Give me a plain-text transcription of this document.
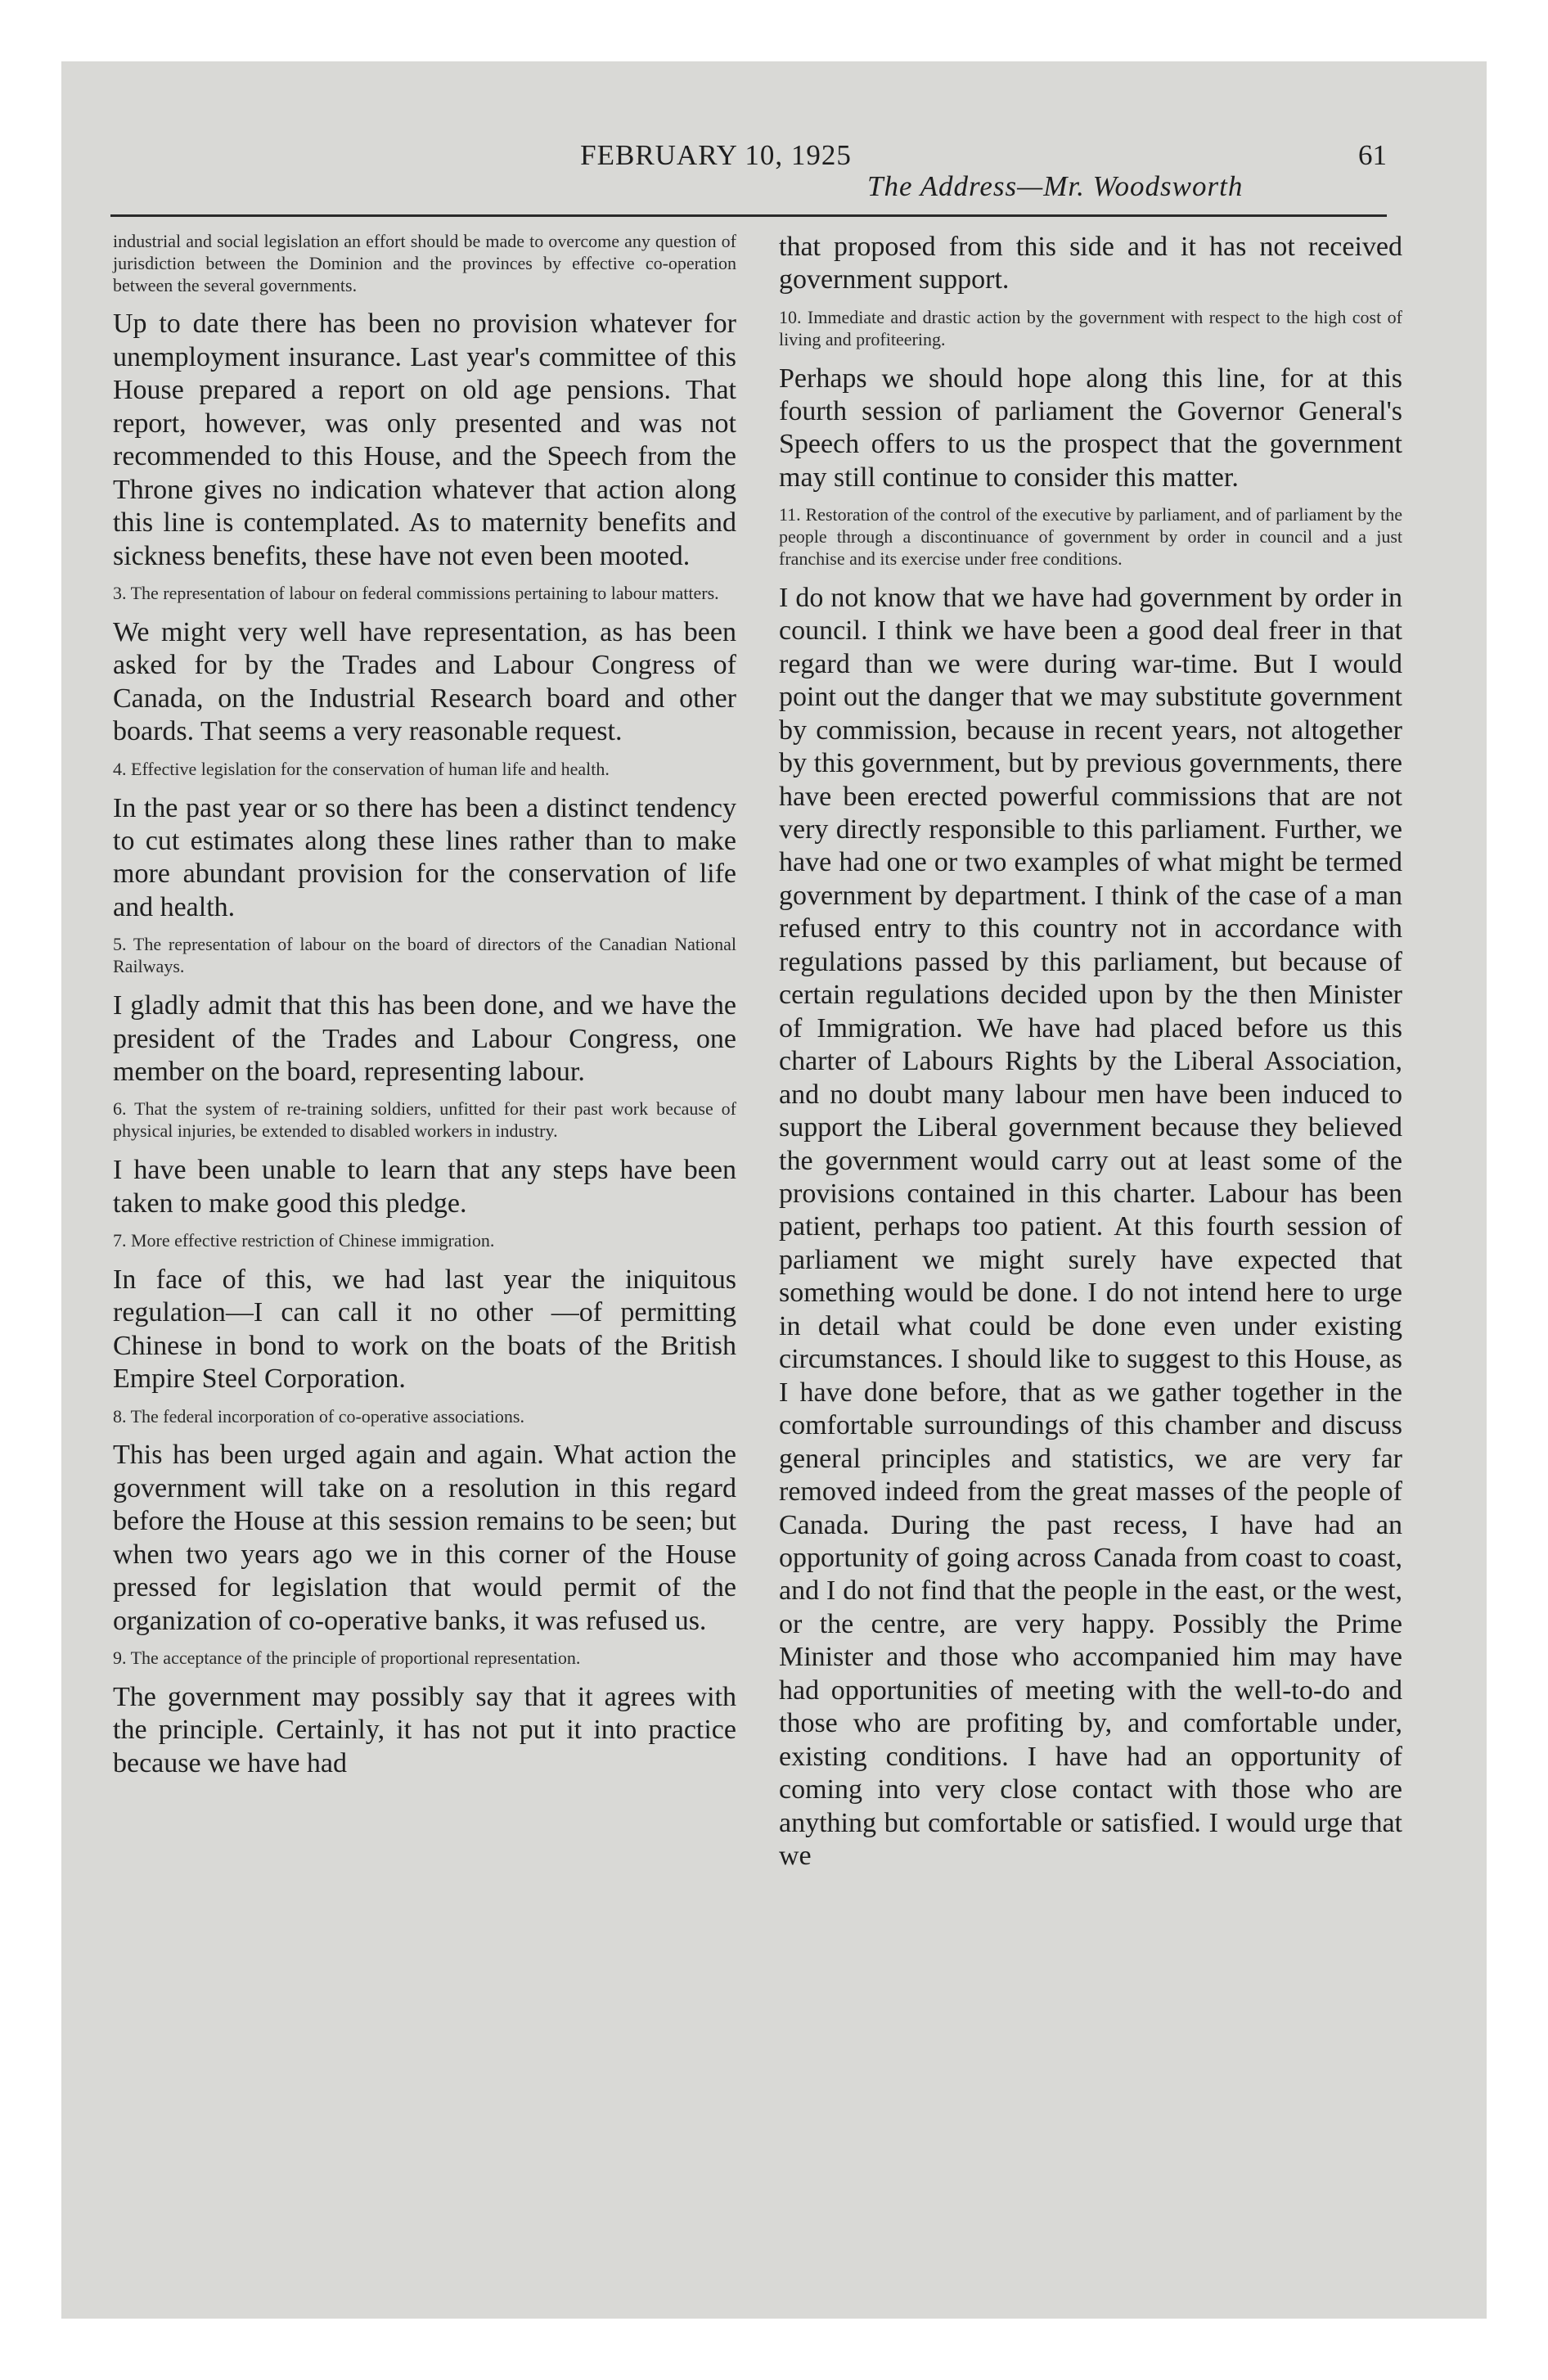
FEBRUARY 10, 1925	61
The Address—Mr. Woodsworth
industrial and social legislation an effort should be made to overcome any question of jurisdiction between the Dominion and the provinces by effective co-operation between the several governments.
Up to date there has been no provision whatever for unemployment insurance. Last year's committee of this House prepared a report on old age pensions. That report, however, was only presented and was not recommended to this House, and the Speech from the Throne gives no indication whatever that action along this line is contemplated. As to maternity benefits and sickness benefits, these have not even been mooted.
3. The representation of labour on federal commissions pertaining to labour matters.
We might very well have representation, as has been asked for by the Trades and Labour Congress of Canada, on the Industrial Research board and other boards. That seems a very reasonable request.
4. Effective legislation for the conservation of human life and health.
In the past year or so there has been a distinct tendency to cut estimates along these lines rather than to make more abundant provision for the conservation of life and health.
5. The representation of labour on the board of directors of the Canadian National Railways.
I gladly admit that this has been done, and we have the president of the Trades and Labour Congress, one member on the board, representing labour.
6. That the system of re-training soldiers, unfitted for their past work because of physical injuries, be extended to disabled workers in industry.
I have been unable to learn that any steps have been taken to make good this pledge.
7. More effective restriction of Chinese immigration.
In face of this, we had last year the iniquitous regulation—I can call it no other —of permitting Chinese in bond to work on the boats of the British Empire Steel Corporation.
8. The federal incorporation of co-operative associations.
This has been urged again and again. What action the government will take on a resolution in this regard before the House at this session remains to be seen; but when two years ago we in this corner of the House pressed for legislation that would permit of the organization of co-operative banks, it was refused us.
9. The acceptance of the principle of proportional representation.
The government may possibly say that it agrees with the principle. Certainly, it has not put it into practice because we have had
that proposed from this side and it has not received government support.
10. Immediate and drastic action by the government with respect to the high cost of living and profiteering.
Perhaps we should hope along this line, for at this fourth session of parliament the Governor General's Speech offers to us the prospect that the government may still continue to consider this matter.
11. Restoration of the control of the executive by parliament, and of parliament by the people through a discontinuance of government by order in council and a just franchise and its exercise under free conditions.
I do not know that we have had government by order in council. I think we have been a good deal freer in that regard than we were during war-time. But I would point out the danger that we may substitute government by commission, because in recent years, not altogether by this government, but by previous governments, there have been erected powerful commissions that are not very directly responsible to this parliament. Further, we have had one or two examples of what might be termed government by department. I think of the case of a man refused entry to this country not in accordance with regulations passed by this parliament, but because of certain regulations decided upon by the then Minister of Immigration. We have had placed before us this charter of Labours Rights by the Liberal Association, and no doubt many labour men have been induced to support the Liberal government because they believed the government would carry out at least some of the provisions contained in this charter. Labour has been patient, perhaps too patient. At this fourth session of parliament we might surely have expected that something would be done. I do not intend here to urge in detail what could be done even under existing circumstances. I should like to suggest to this House, as I have done before, that as we gather together in the comfortable surroundings of this chamber and discuss general principles and statistics, we are very far removed indeed from the great masses of the people of Canada. During the past recess, I have had an opportunity of going across Canada from coast to coast, and I do not find that the people in the east, or the west, or the centre, are very happy. Possibly the Prime Minister and those who accompanied him may have had opportunities of meeting with the well-to-do and those who are profiting by, and comfortable under, existing conditions. I have had an opportunity of coming into very close contact with those who are anything but comfortable or satisfied. I would urge that we
